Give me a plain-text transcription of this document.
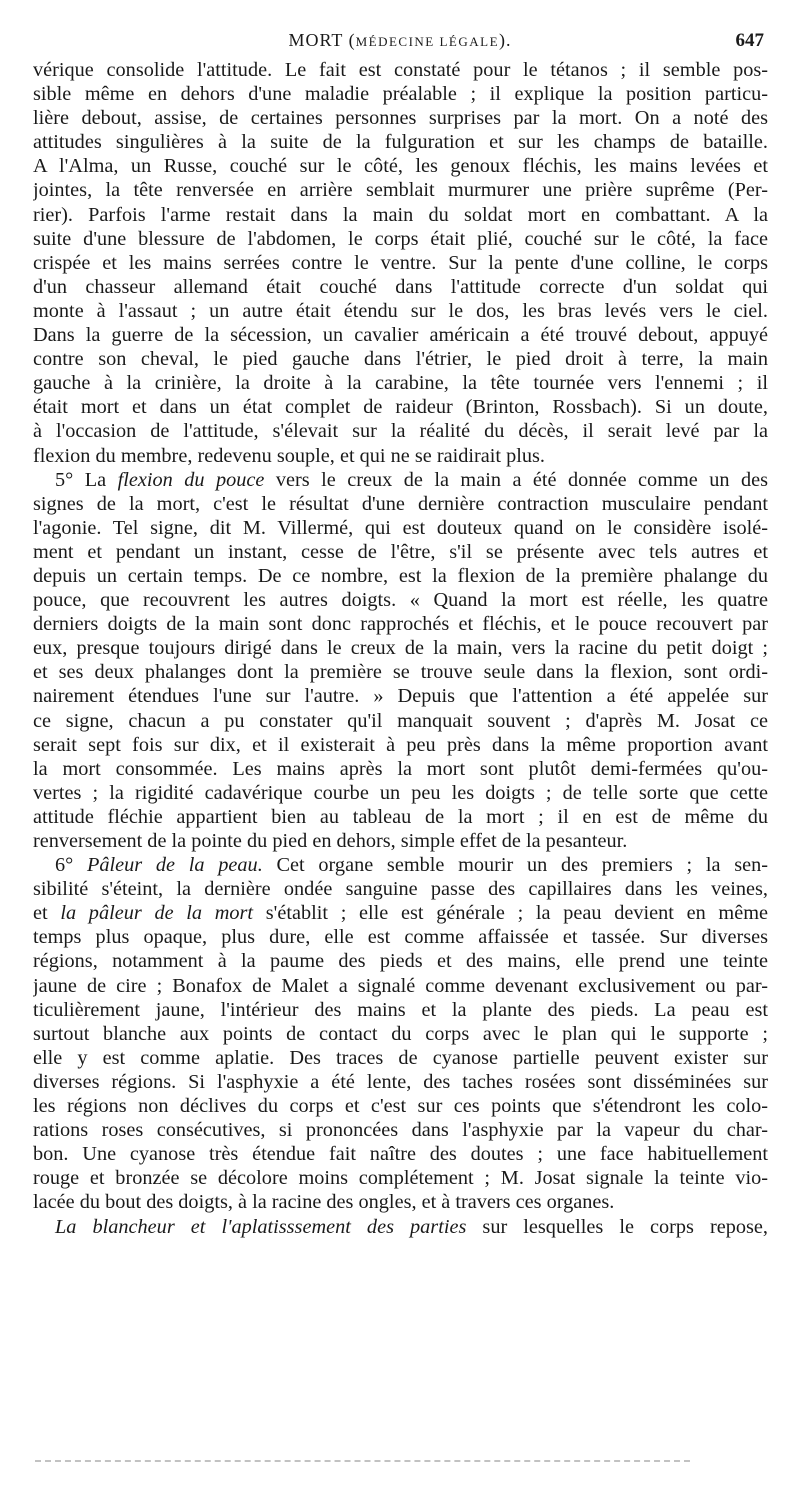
MORT (MÉDECINE LÉGALE).	647
vérique consolide l'attitude. Le fait est constaté pour le tétanos ; il semble pos-
sible même en dehors d'une maladie préalable ; il explique la position particu-
lière debout, assise, de certaines personnes surprises par la mort. On a noté des
attitudes singulières à la suite de la fulguration et sur les champs de bataille.
A l'Alma, un Russe, couché sur le côté, les genoux fléchis, les mains levées et
jointes, la tête renversée en arrière semblait murmurer une prière suprême (Per-
rier). Parfois l'arme restait dans la main du soldat mort en combattant. A la
suite d'une blessure de l'abdomen, le corps était plié, couché sur le côté, la face
crispée et les mains serrées contre le ventre. Sur la pente d'une colline, le corps
d'un chasseur allemand était couché dans l'attitude correcte d'un soldat qui
monte à l'assaut ; un autre était étendu sur le dos, les bras levés vers le ciel.
Dans la guerre de la sécession, un cavalier américain a été trouvé debout, appuyé
contre son cheval, le pied gauche dans l'étrier, le pied droit à terre, la main
gauche à la crinière, la droite à la carabine, la tête tournée vers l'ennemi ; il
était mort et dans un état complet de raideur (Brinton, Rossbach). Si un doute,
à l'occasion de l'attitude, s'élevait sur la réalité du décès, il serait levé par la
flexion du membre, redevenu souple, et qui ne se raidirait plus.
5° La flexion du pouce vers le creux de la main a été donnée comme un des
signes de la mort, c'est le résultat d'une dernière contraction musculaire pendant
l'agonie. Tel signe, dit M. Villermé, qui est douteux quand on le considère isolé-
ment et pendant un instant, cesse de l'être, s'il se présente avec tels autres et
depuis un certain temps. De ce nombre, est la flexion de la première phalange du
pouce, que recouvrent les autres doigts. « Quand la mort est réelle, les quatre
derniers doigts de la main sont donc rapprochés et fléchis, et le pouce recouvert par
eux, presque toujours dirigé dans le creux de la main, vers la racine du petit doigt ;
et ses deux phalanges dont la première se trouve seule dans la flexion, sont ordi-
nairement étendues l'une sur l'autre. » Depuis que l'attention a été appelée sur
ce signe, chacun a pu constater qu'il manquait souvent ; d'après M. Josat ce
serait sept fois sur dix, et il existerait à peu près dans la même proportion avant
la mort consommée. Les mains après la mort sont plutôt demi-fermées qu'ou-
vertes ; la rigidité cadavérique courbe un peu les doigts ; de telle sorte que cette
attitude fléchie appartient bien au tableau de la mort ; il en est de même du
renversement de la pointe du pied en dehors, simple effet de la pesanteur.
6° Pâleur de la peau. Cet organe semble mourir un des premiers ; la sen-
sibilité s'éteint, la dernière ondée sanguine passe des capillaires dans les veines,
et la pâleur de la mort s'établit ; elle est générale ; la peau devient en même
temps plus opaque, plus dure, elle est comme affaissée et tassée. Sur diverses
régions, notamment à la paume des pieds et des mains, elle prend une teinte
jaune de cire ; Bonafox de Malet a signalé comme devenant exclusivement ou par-
ticulièrement jaune, l'intérieur des mains et la plante des pieds. La peau est
surtout blanche aux points de contact du corps avec le plan qui le supporte ;
elle y est comme aplatie. Des traces de cyanose partielle peuvent exister sur
diverses régions. Si l'asphyxie a été lente, des taches rosées sont disséminées sur
les régions non déclives du corps et c'est sur ces points que s'étendront les colo-
rations roses consécutives, si prononcées dans l'asphyxie par la vapeur du char-
bon. Une cyanose très étendue fait naître des doutes ; une face habituellement
rouge et bronzée se décolore moins complétement ; M. Josat signale la teinte vio-
lacée du bout des doigts, à la racine des ongles, et à travers ces organes.
La blancheur et l'aplatisssement des parties sur lesquelles le corps repose,
